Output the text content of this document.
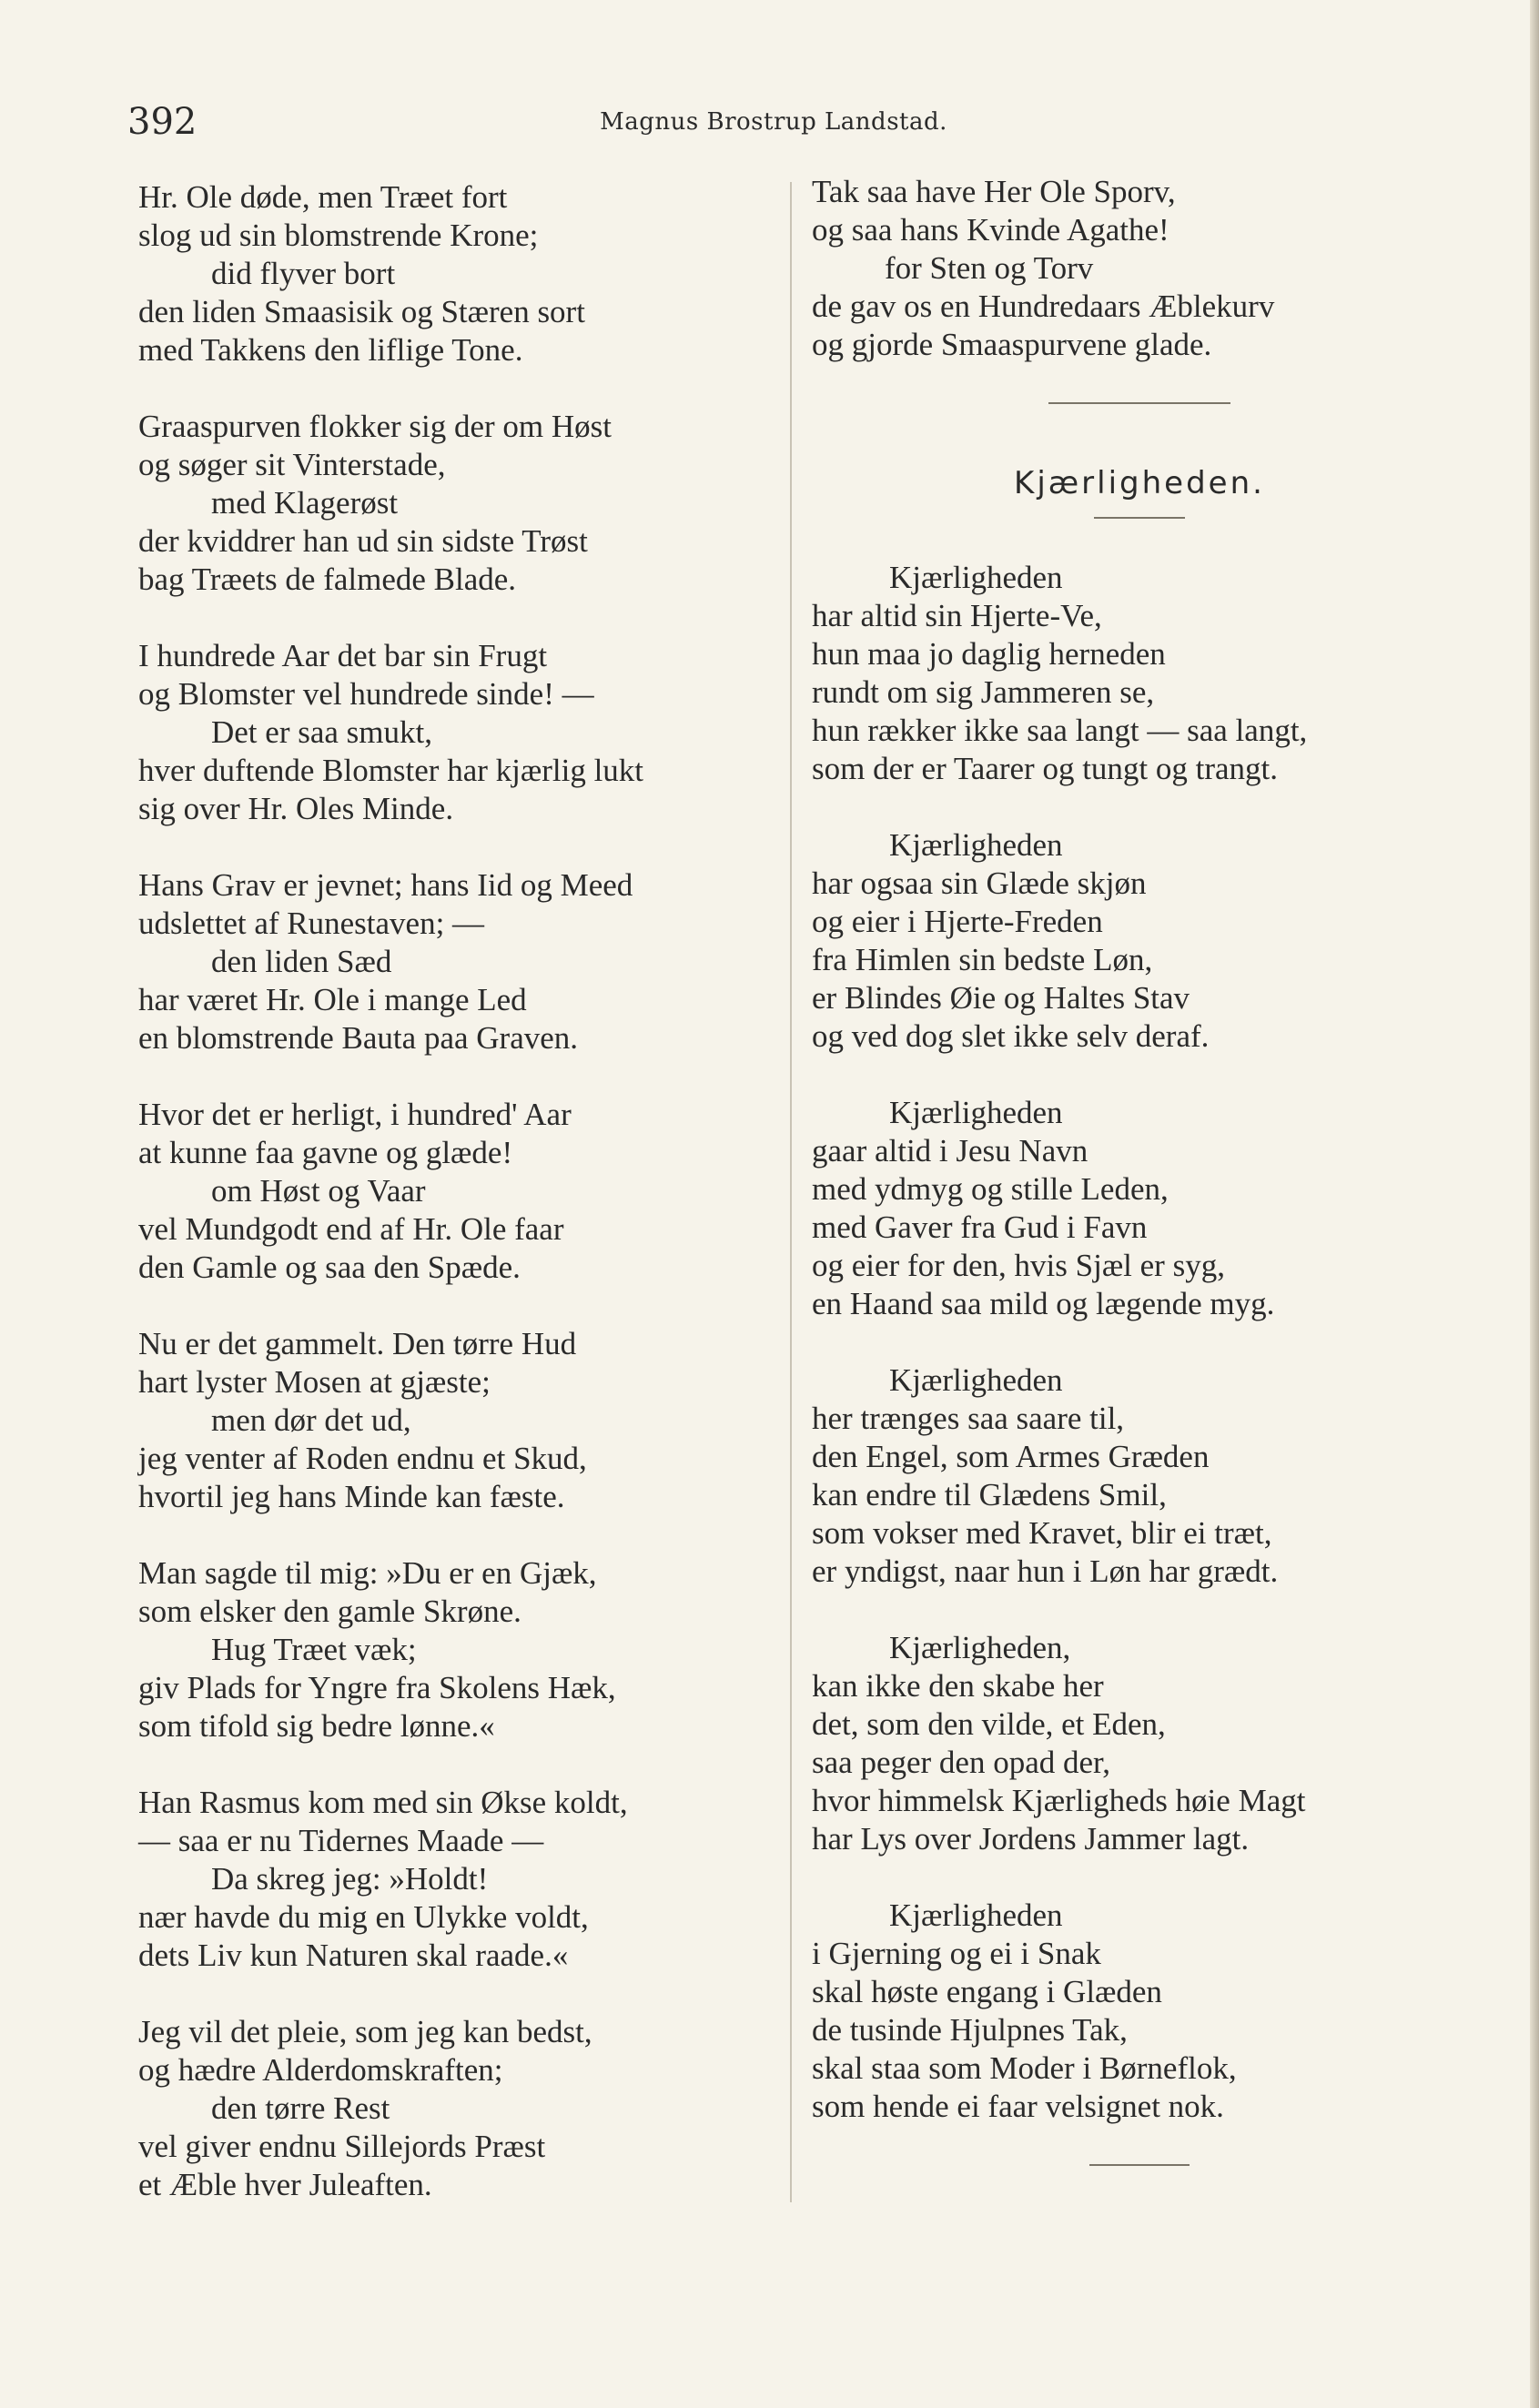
392	Magnus Brostrup Landstad.
Hr. Ole døde, men Træet fort
slog ud sin blomstrende Krone;
did flyver bort
den liden Smaasisik og Stæren sort
med Takkens den liflige Tone.
Graaspurven flokker sig der om Høst
og søger sit Vinterstade,
med Klagerøst
der kviddrer han ud sin sidste Trøst
bag Træets de falmede Blade.
I hundrede Aar det bar sin Frugt
og Blomster vel hundrede sinde! —
Det er saa smukt,
hver duftende Blomster har kjærlig lukt
sig over Hr. Oles Minde.
Hans Grav er jevnet; hans Iid og Meed
udslettet af Runestaven; —
den liden Sæd
har været Hr. Ole i mange Led
en blomstrende Bauta paa Graven.
Hvor det er herligt, i hundred' Aar
at kunne faa gavne og glæde!
om Høst og Vaar
vel Mundgodt end af Hr. Ole faar
den Gamle og saa den Spæde.
Nu er det gammelt. Den tørre Hud
hart lyster Mosen at gjæste;
men dør det ud,
jeg venter af Roden endnu et Skud,
hvortil jeg hans Minde kan fæste.
Man sagde til mig: »Du er en Gjæk,
som elsker den gamle Skrøne.
Hug Træet væk;
giv Plads for Yngre fra Skolens Hæk,
som tifold sig bedre lønne.«
Han Rasmus kom med sin Økse koldt,
— saa er nu Tidernes Maade —
Da skreg jeg: »Holdt!
nær havde du mig en Ulykke voldt,
dets Liv kun Naturen skal raade.«
Jeg vil det pleie, som jeg kan bedst,
og hædre Alderdomskraften;
den tørre Rest
vel giver endnu Sillejords Præst
et Æble hver Juleaften.
Tak saa have Her Ole Sporv,
og saa hans Kvinde Agathe!
for Sten og Torv
de gav os en Hundredaars Æblekurv
og gjorde Smaaspurvene glade.
Kjærligheden.
Kjærligheden
har altid sin Hjerte-Ve,
hun maa jo daglig herneden
rundt om sig Jammeren se,
hun rækker ikke saa langt — saa langt,
som der er Taarer og tungt og trangt.
Kjærligheden
har ogsaa sin Glæde skjøn
og eier i Hjerte-Freden
fra Himlen sin bedste Løn,
er Blindes Øie og Haltes Stav
og ved dog slet ikke selv deraf.
Kjærligheden
gaar altid i Jesu Navn
med ydmyg og stille Leden,
med Gaver fra Gud i Favn
og eier for den, hvis Sjæl er syg,
en Haand saa mild og lægende myg.
Kjærligheden
her trænges saa saare til,
den Engel, som Armes Græden
kan endre til Glædens Smil,
som vokser med Kravet, blir ei træt,
er yndigst, naar hun i Løn har grædt.
Kjærligheden,
kan ikke den skabe her
det, som den vilde, et Eden,
saa peger den opad der,
hvor himmelsk Kjærligheds høie Magt
har Lys over Jordens Jammer lagt.
Kjærligheden
i Gjerning og ei i Snak
skal høste engang i Glæden
de tusinde Hjulpnes Tak,
skal staa som Moder i Børneflok,
som hende ei faar velsignet nok.
